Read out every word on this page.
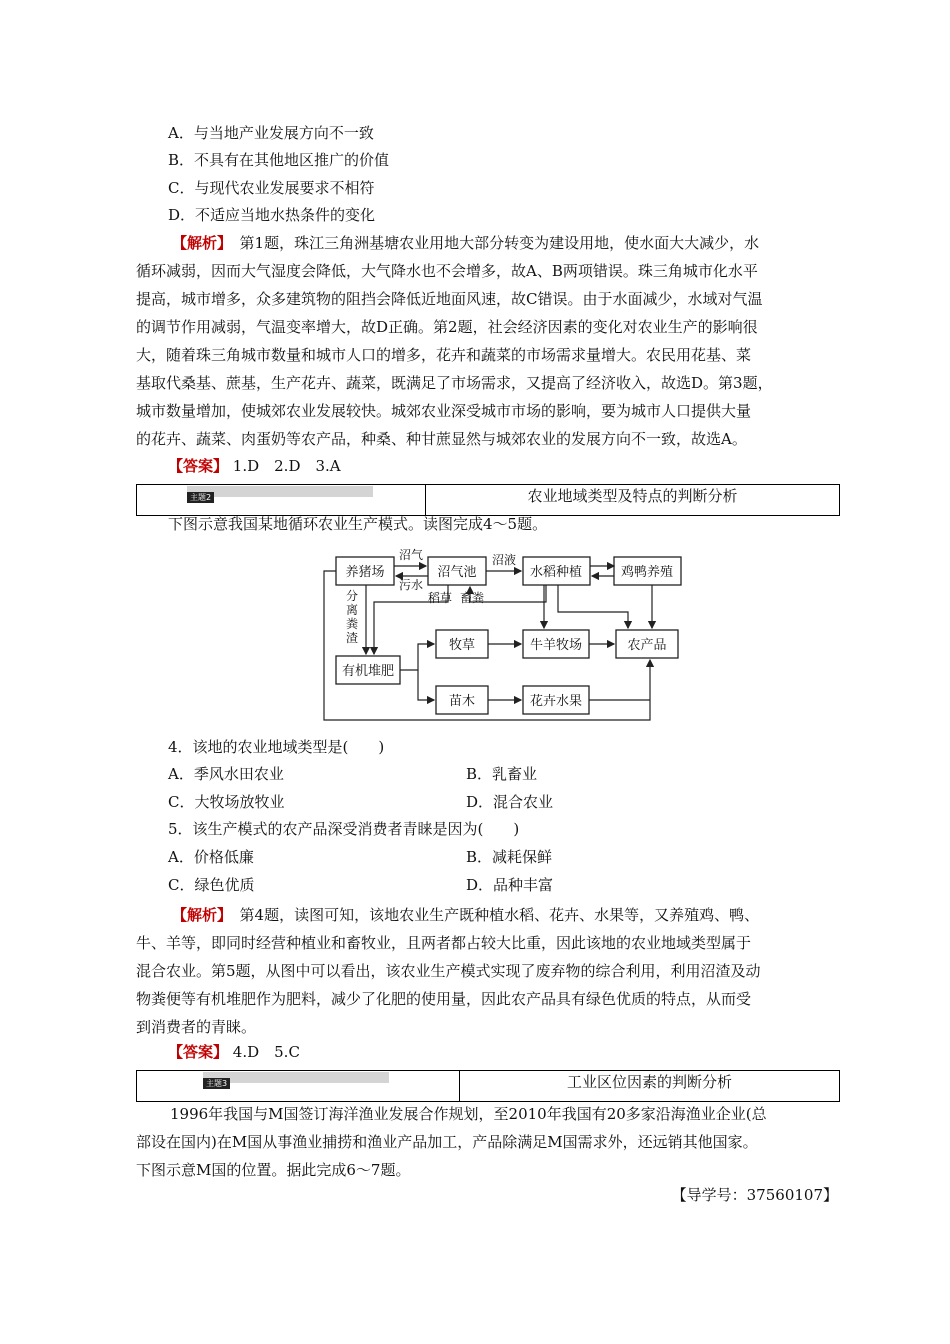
A．与当地产业发展方向不一致
B．不具有在其他地区推广的价值
C．与现代农业发展要求不相符
D．不适应当地水热条件的变化
【解析】　 第1题，珠江三角洲基塘农业用地大部分转变为建设用地，使水面大大减少，水
循环减弱，因而大气湿度会降低，大气降水也不会增多，故A、B两项错误。珠三角城市化水平
提高，城市增多，众多建筑物的阻挡会降低近地面风速，故C错误。由于水面减少，水域对气温
的调节作用减弱，气温变率增大，故D正确。第2题，社会经济因素的变化对农业生产的影响很
大，随着珠三角城市数量和城市人口的增多，花卉和蔬菜的市场需求量增大。农民用花基、菜
基取代桑基、蔗基，生产花卉、蔬菜，既满足了市场需求，又提高了经济收入，故选D。第3题，
城市数量增加，使城郊农业发展较快。城郊农业深受城市市场的影响，要为城市人口提供大量
的花卉、蔬菜、肉蛋奶等农产品，种桑、种甘蔗显然与城郊农业的发展方向不一致，故选A。
【答案】 1.D　2.D　3.A
主题2	农业地域类型及特点的判断分析
下图示意我国某地循环农业生产模式。读图完成4～5题。
养猪场	沼气池	水稻种植	鸡鸭养殖
有机堆肥
牧草	牛羊牧场	农产品
苗木	花卉水果
沼气
污水
沼液
稻草 畜粪
分
离
粪
渣
4．该地的农业地域类型是(　　)
A．季风水田农业	B．乳畜业
C．大牧场放牧业	D．混合农业
5．该生产模式的农产品深受消费者青睐是因为(　　)
A．价格低廉	B．减耗保鲜
C．绿色优质	D．品种丰富
【解析】　 第4题，读图可知，该地农业生产既种植水稻、花卉、水果等，又养殖鸡、鸭、
牛、羊等，即同时经营种植业和畜牧业，且两者都占较大比重，因此该地的农业地域类型属于
混合农业。第5题，从图中可以看出，该农业生产模式实现了废弃物的综合利用，利用沼渣及动
物粪便等有机堆肥作为肥料，减少了化肥的使用量，因此农产品具有绿色优质的特点，从而受
到消费者的青睐。
【答案】 4.D　5.C
主题3	工业区位因素的判断分析
1996年我国与M国签订海洋渔业发展合作规划，至2010年我国有20多家沿海渔业企业(总
部设在国内)在M国从事渔业捕捞和渔业产品加工，产品除满足M国需求外，还远销其他国家。
下图示意M国的位置。据此完成6～7题。
【导学号：37560107】
